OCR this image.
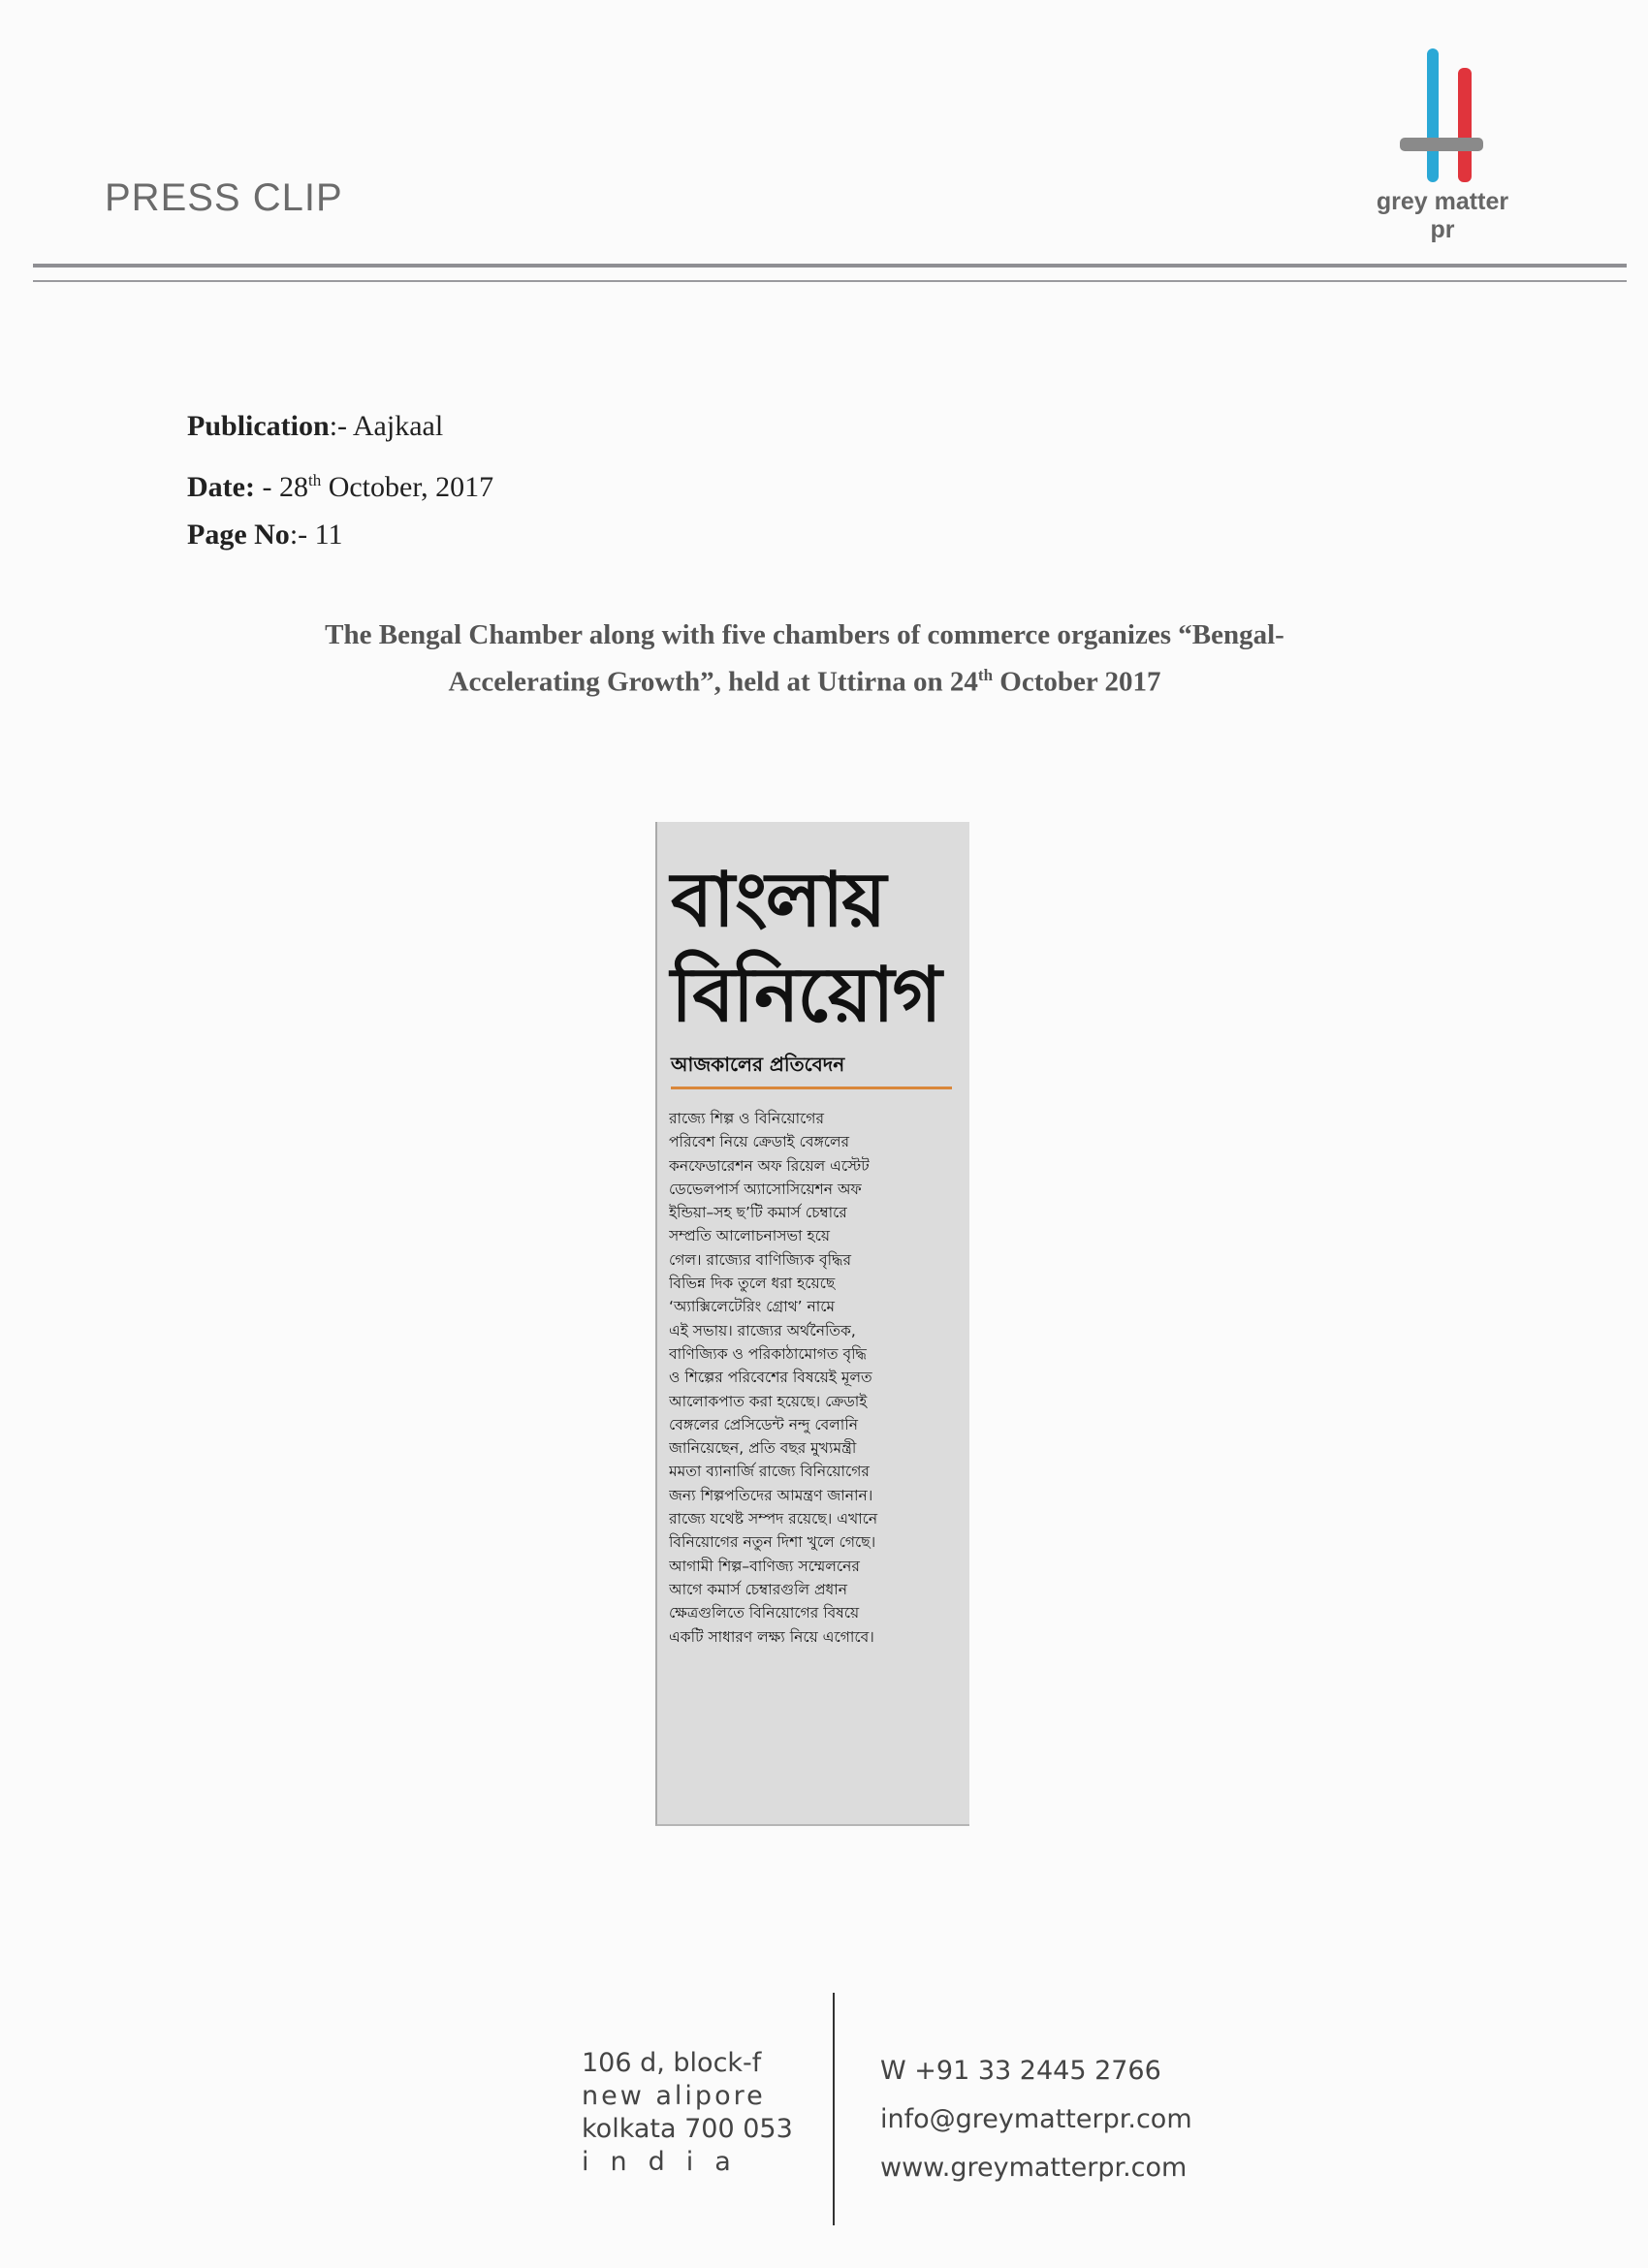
PRESS CLIP	grey matter pr
Publication:- Aajkaal
Date: - 28th October, 2017
Page No:- 11
The Bengal Chamber along with five chambers of commerce organizes “Bengal-
Accelerating Growth”, held at Uttirna on 24th October 2017
বাংলায়
বিনিয়োগ
আজকালের প্রতিবেদন
রাজ্যে শিল্প ও বিনিয়োগের
পরিবেশ নিয়ে ক্রেডাই বেঙ্গলের
কনফেডারেশন অফ রিয়েল এস্টেট
ডেভেলপার্স অ্যাসোসিয়েশন অফ
ইন্ডিয়া–সহ ছ’টি কমার্স চেম্বারে
সম্প্রতি আলোচনাসভা হয়ে
গেল। রাজ্যের বাণিজ্যিক বৃদ্ধির
বিভিন্ন দিক তুলে ধরা হয়েছে
‘অ্যাক্সিলেটেরিং গ্রোথ’ নামে
এই সভায়। রাজ্যের অর্থনৈতিক,
বাণিজ্যিক ও পরিকাঠামোগত বৃদ্ধি
ও শিল্পের পরিবেশের বিষয়েই মূলত
আলোকপাত করা হয়েছে। ক্রেডাই
বেঙ্গলের প্রেসিডেন্ট নন্দু বেলানি
জানিয়েছেন, প্রতি বছর মুখ্যমন্ত্রী
মমতা ব্যানার্জি রাজ্যে বিনিয়োগের
জন্য শিল্পপতিদের আমন্ত্রণ জানান।
রাজ্যে যথেষ্ট সম্পদ রয়েছে। এখানে
বিনিয়োগের নতুন দিশা খুলে গেছে।
আগামী শিল্প–বাণিজ্য সম্মেলনের
আগে কমার্স চেম্বারগুলি প্রধান
ক্ষেত্রগুলিতে বিনিয়োগের বিষয়ে
একটি সাধারণ লক্ষ্য নিয়ে এগোবে।
106 d, block-f
new alipore
kolkata 700 053
india
W +91 33 2445 2766
info@greymatterpr.com
www.greymatterpr.com
